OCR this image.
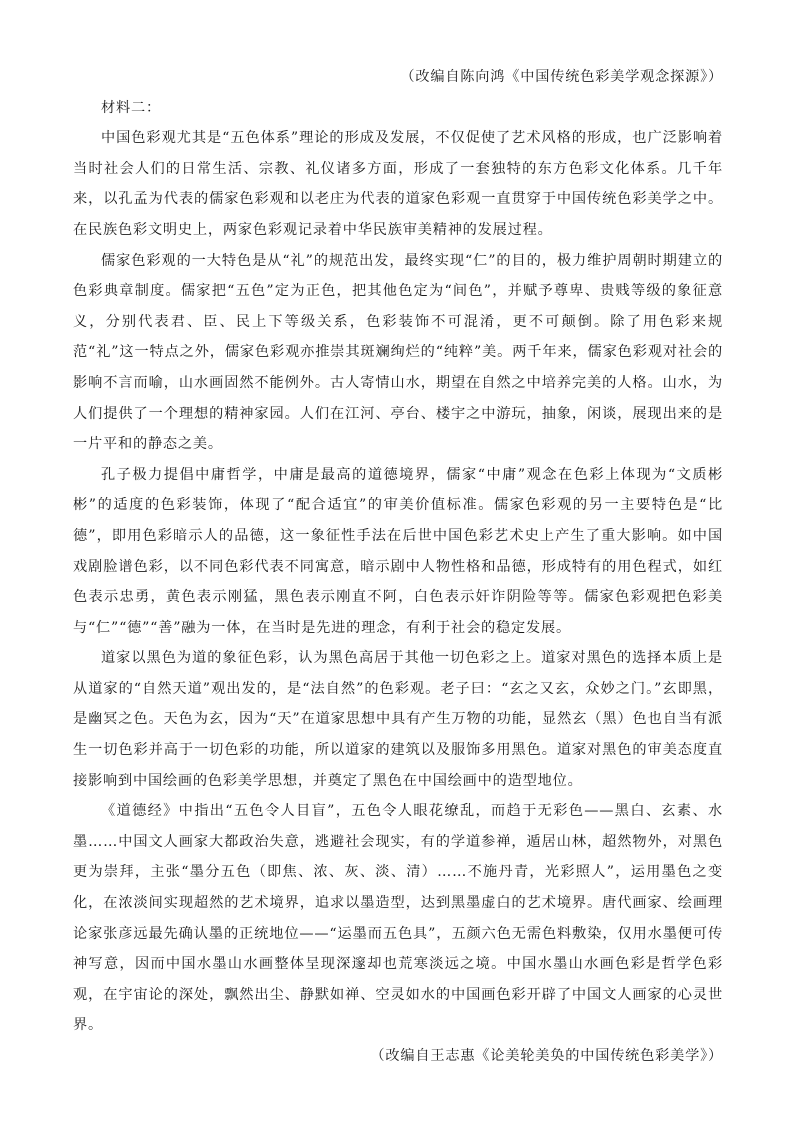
（改编自陈向鸿《中国传统色彩美学观念探源》）

材料二：

中国色彩观尤其是“五色体系”理论的形成及发展，不仅促使了艺术风格的形成，也广泛影响着当时社会人们的日常生活、宗教、礼仪诸多方面，形成了一套独特的东方色彩文化体系。几千年来，以孔孟为代表的儒家色彩观和以老庄为代表的道家色彩观一直贯穿于中国传统色彩美学之中。在民族色彩文明史上，两家色彩观记录着中华民族审美精神的发展过程。

儒家色彩观的一大特色是从“礼”的规范出发，最终实现“仁”的目的，极力维护周朝时期建立的色彩典章制度。儒家把“五色”定为正色，把其他色定为“间色”，并赋予尊卑、贵贱等级的象征意义，分别代表君、臣、民上下等级关系，色彩装饰不可混淆，更不可颠倒。除了用色彩来规范“礼”这一特点之外，儒家色彩观亦推崇其斑斓绚烂的“纯粹”美。两千年来，儒家色彩观对社会的影响不言而喻，山水画固然不能例外。古人寄情山水，期望在自然之中培养完美的人格。山水，为人们提供了一个理想的精神家园。人们在江河、亭台、楼宇之中游玩，抽象，闲谈，展现出来的是一片平和的静态之美。

孔子极力提倡中庸哲学，中庸是最高的道德境界，儒家“中庸”观念在色彩上体现为“文质彬彬”的适度的色彩装饰，体现了“配合适宜”的审美价值标准。儒家色彩观的另一主要特色是“比德”，即用色彩暗示人的品德，这一象征性手法在后世中国色彩艺术史上产生了重大影响。如中国戏剧脸谱色彩，以不同色彩代表不同寓意，暗示剧中人物性格和品德，形成特有的用色程式，如红色表示忠勇，黄色表示刚猛，黑色表示刚直不阿，白色表示奸诈阴险等等。儒家色彩观把色彩美与“仁”“德”“善”融为一体，在当时是先进的理念，有利于社会的稳定发展。

道家以黑色为道的象征色彩，认为黑色高居于其他一切色彩之上。道家对黑色的选择本质上是从道家的“自然天道”观出发的，是“法自然”的色彩观。老子曰：“玄之又玄，众妙之门。”玄即黑，是幽冥之色。天色为玄，因为“天”在道家思想中具有产生万物的功能，显然玄（黑）色也自当有派生一切色彩并高于一切色彩的功能，所以道家的建筑以及服饰多用黑色。道家对黑色的审美态度直接影响到中国绘画的色彩美学思想，并奠定了黑色在中国绘画中的造型地位。

《道德经》中指出“五色令人目盲”，五色令人眼花缭乱，而趋于无彩色——黑白、玄素、水墨……中国文人画家大都政治失意，逃避社会现实，有的学道参禅，遁居山林，超然物外，对黑色更为崇拜，主张“墨分五色（即焦、浓、灰、淡、清）……不施丹青，光彩照人”，运用墨色之变化，在浓淡间实现超然的艺术境界，追求以墨造型，达到黑墨虚白的艺术境界。唐代画家、绘画理论家张彦远最先确认墨的正统地位——“运墨而五色具”，五颜六色无需色料敷染，仅用水墨便可传神写意，因而中国水墨山水画整体呈现深邃却也荒寒淡远之境。中国水墨山水画色彩是哲学色彩观，在宇宙论的深处，飘然出尘、静默如禅、空灵如水的中国画色彩开辟了中国文人画家的心灵世界。

（改编自王志惠《论美轮美奂的中国传统色彩美学》）
